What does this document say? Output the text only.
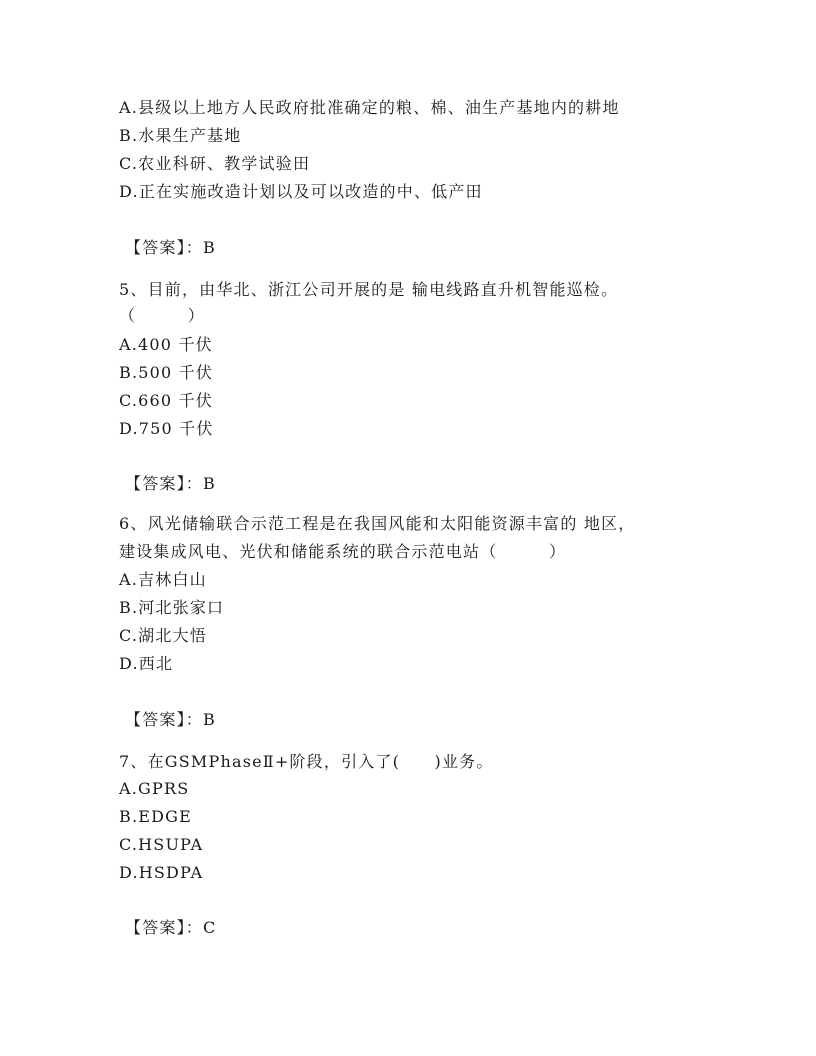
A.县级以上地方人民政府批准确定的粮、棉、油生产基地内的耕地
B.水果生产基地
C.农业科研、教学试验田
D.正在实施改造计划以及可以改造的中、低产田
【答案】：B
5、目前，由华北、浙江公司开展的是 输电线路直升机智能巡检。
（　　　）
A.400 千伏
B.500 千伏
C.660 千伏
D.750 千伏
【答案】：B
6、风光储输联合示范工程是在我国风能和太阳能资源丰富的 地区，
建设集成风电、光伏和储能系统的联合示范电站（　　　）
A.吉林白山
B.河北张家口
C.湖北大悟
D.西北
【答案】：B
7、在GSMPhaseⅡ+阶段，引入了(　　)业务。
A.GPRS
B.EDGE
C.HSUPA
D.HSDPA
【答案】：C
